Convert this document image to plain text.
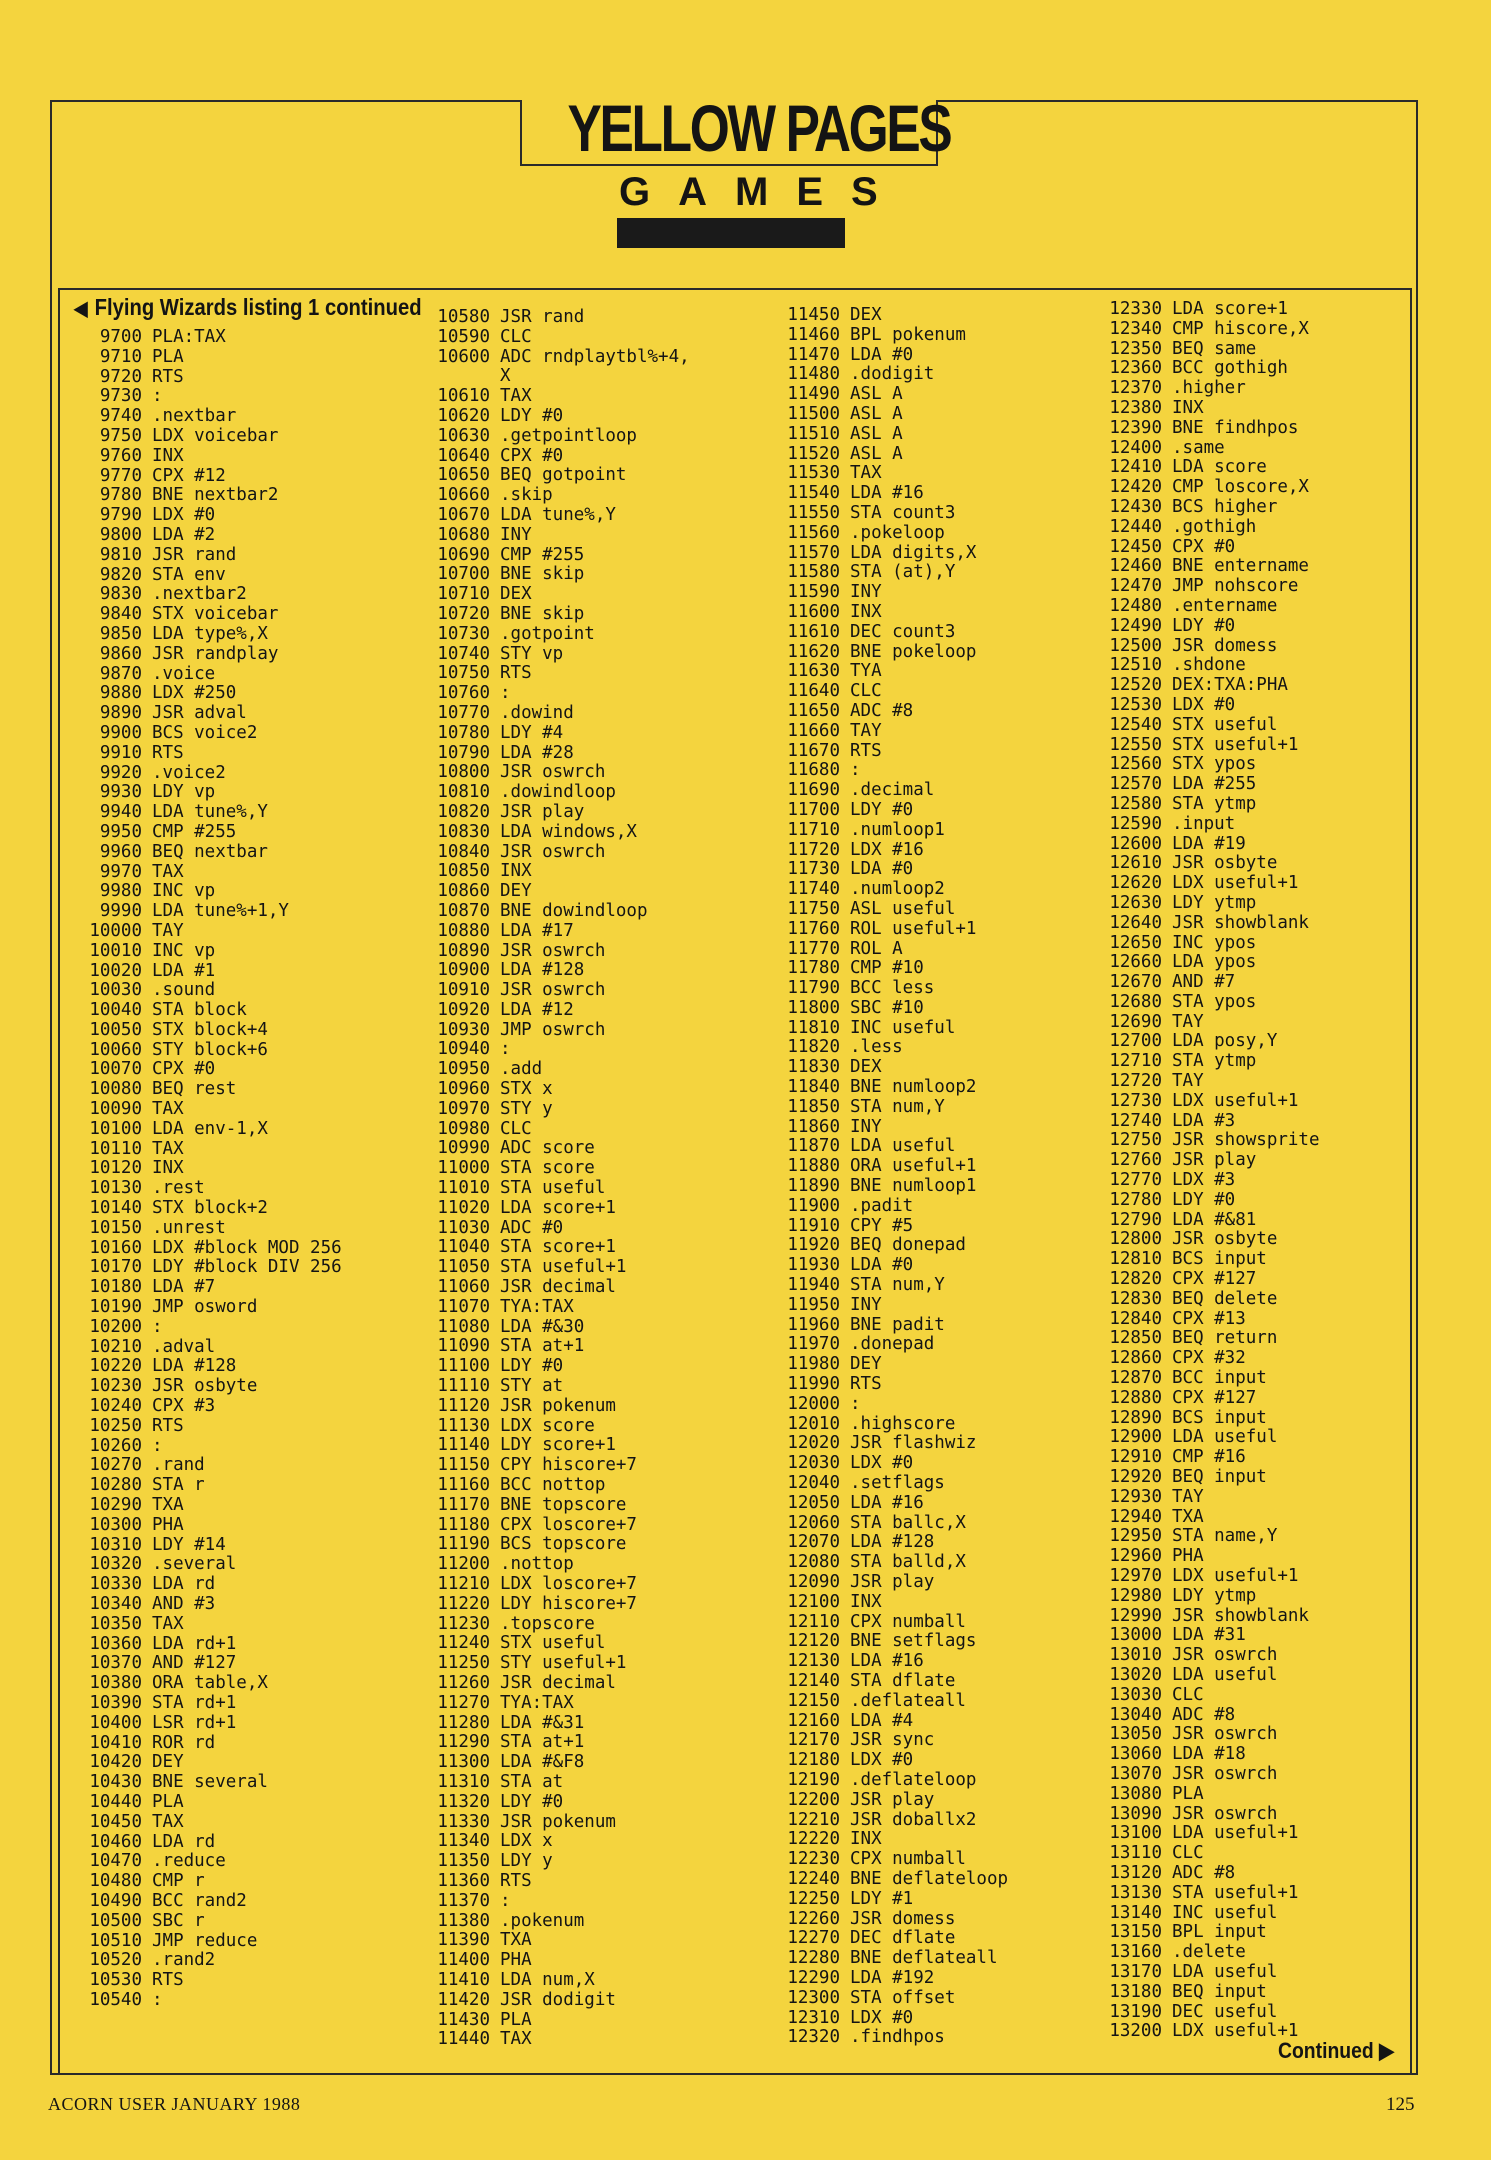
YELLOW PAGES
GAMES
◀ Flying Wizards listing 1 continued
9700 PLA:TAX
9710 PLA
9720 RTS
9730 :
9740 .nextbar
9750 LDX voicebar
9760 INX
9770 CPX #12
9780 BNE nextbar2
9790 LDX #0
9800 LDA #2
9810 JSR rand
9820 STA env
9830 .nextbar2
9840 STX voicebar
9850 LDA type%,X
9860 JSR randplay
9870 .voice
9880 LDX #250
9890 JSR adval
9900 BCS voice2
9910 RTS
9920 .voice2
9930 LDY vp
9940 LDA tune%,Y
9950 CMP #255
9960 BEQ nextbar
9970 TAX
9980 INC vp
9990 LDA tune%+1,Y
10000 TAY
10010 INC vp
10020 LDA #1
10030 .sound
10040 STA block
10050 STX block+4
10060 STY block+6
10070 CPX #0
10080 BEQ rest
10090 TAX
10100 LDA env-1,X
10110 TAX
10120 INX
10130 .rest
10140 STX block+2
10150 .unrest
10160 LDX #block MOD 256
10170 LDY #block DIV 256
10180 LDA #7
10190 JMP osword
10200 :
10210 .adval
10220 LDA #128
10230 JSR osbyte
10240 CPX #3
10250 RTS
10260 :
10270 .rand
10280 STA r
10290 TXA
10300 PHA
10310 LDY #14
10320 .several
10330 LDA rd
10340 AND #3
10350 TAX
10360 LDA rd+1
10370 AND #127
10380 ORA table,X
10390 STA rd+1
10400 LSR rd+1
10410 ROR rd
10420 DEY
10430 BNE several
10440 PLA
10450 TAX
10460 LDA rd
10470 .reduce
10480 CMP r
10490 BCC rand2
10500 SBC r
10510 JMP reduce
10520 .rand2
10530 RTS
10540 :
10580 JSR rand
10590 CLC
10600 ADC rndplaytbl%+4,
X
10610 TAX
10620 LDY #0
10630 .getpointloop
10640 CPX #0
10650 BEQ gotpoint
10660 .skip
10670 LDA tune%,Y
10680 INY
10690 CMP #255
10700 BNE skip
10710 DEX
10720 BNE skip
10730 .gotpoint
10740 STY vp
10750 RTS
10760 :
10770 .dowind
10780 LDY #4
10790 LDA #28
10800 JSR oswrch
10810 .dowindloop
10820 JSR play
10830 LDA windows,X
10840 JSR oswrch
10850 INX
10860 DEY
10870 BNE dowindloop
10880 LDA #17
10890 JSR oswrch
10900 LDA #128
10910 JSR oswrch
10920 LDA #12
10930 JMP oswrch
10940 :
10950 .add
10960 STX x
10970 STY y
10980 CLC
10990 ADC score
11000 STA score
11010 STA useful
11020 LDA score+1
11030 ADC #0
11040 STA score+1
11050 STA useful+1
11060 JSR decimal
11070 TYA:TAX
11080 LDA #&30
11090 STA at+1
11100 LDY #0
11110 STY at
11120 JSR pokenum
11130 LDX score
11140 LDY score+1
11150 CPY hiscore+7
11160 BCC nottop
11170 BNE topscore
11180 CPX loscore+7
11190 BCS topscore
11200 .nottop
11210 LDX loscore+7
11220 LDY hiscore+7
11230 .topscore
11240 STX useful
11250 STY useful+1
11260 JSR decimal
11270 TYA:TAX
11280 LDA #&31
11290 STA at+1
11300 LDA #&F8
11310 STA at
11320 LDY #0
11330 JSR pokenum
11340 LDX x
11350 LDY y
11360 RTS
11370 :
11380 .pokenum
11390 TXA
11400 PHA
11410 LDA num,X
11420 JSR dodigit
11430 PLA
11440 TAX
11450 DEX
11460 BPL pokenum
11470 LDA #0
11480 .dodigit
11490 ASL A
11500 ASL A
11510 ASL A
11520 ASL A
11530 TAX
11540 LDA #16
11550 STA count3
11560 .pokeloop
11570 LDA digits,X
11580 STA (at),Y
11590 INY
11600 INX
11610 DEC count3
11620 BNE pokeloop
11630 TYA
11640 CLC
11650 ADC #8
11660 TAY
11670 RTS
11680 :
11690 .decimal
11700 LDY #0
11710 .numloop1
11720 LDX #16
11730 LDA #0
11740 .numloop2
11750 ASL useful
11760 ROL useful+1
11770 ROL A
11780 CMP #10
11790 BCC less
11800 SBC #10
11810 INC useful
11820 .less
11830 DEX
11840 BNE numloop2
11850 STA num,Y
11860 INY
11870 LDA useful
11880 ORA useful+1
11890 BNE numloop1
11900 .padit
11910 CPY #5
11920 BEQ donepad
11930 LDA #0
11940 STA num,Y
11950 INY
11960 BNE padit
11970 .donepad
11980 DEY
11990 RTS
12000 :
12010 .highscore
12020 JSR flashwiz
12030 LDX #0
12040 .setflags
12050 LDA #16
12060 STA ballc,X
12070 LDA #128
12080 STA balld,X
12090 JSR play
12100 INX
12110 CPX numball
12120 BNE setflags
12130 LDA #16
12140 STA dflate
12150 .deflateall
12160 LDA #4
12170 JSR sync
12180 LDX #0
12190 .deflateloop
12200 JSR play
12210 JSR doballx2
12220 INX
12230 CPX numball
12240 BNE deflateloop
12250 LDY #1
12260 JSR domess
12270 DEC dflate
12280 BNE deflateall
12290 LDA #192
12300 STA offset
12310 LDX #0
12320 .findhpos
12330 LDA score+1
12340 CMP hiscore,X
12350 BEQ same
12360 BCC gothigh
12370 .higher
12380 INX
12390 BNE findhpos
12400 .same
12410 LDA score
12420 CMP loscore,X
12430 BCS higher
12440 .gothigh
12450 CPX #0
12460 BNE entername
12470 JMP nohscore
12480 .entername
12490 LDY #0
12500 JSR domess
12510 .shdone
12520 DEX:TXA:PHA
12530 LDX #0
12540 STX useful
12550 STX useful+1
12560 STX ypos
12570 LDA #255
12580 STA ytmp
12590 .input
12600 LDA #19
12610 JSR osbyte
12620 LDX useful+1
12630 LDY ytmp
12640 JSR showblank
12650 INC ypos
12660 LDA ypos
12670 AND #7
12680 STA ypos
12690 TAY
12700 LDA posy,Y
12710 STA ytmp
12720 TAY
12730 LDX useful+1
12740 LDA #3
12750 JSR showsprite
12760 JSR play
12770 LDX #3
12780 LDY #0
12790 LDA #&81
12800 JSR osbyte
12810 BCS input
12820 CPX #127
12830 BEQ delete
12840 CPX #13
12850 BEQ return
12860 CPX #32
12870 BCC input
12880 CPX #127
12890 BCS input
12900 LDA useful
12910 CMP #16
12920 BEQ input
12930 TAY
12940 TXA
12950 STA name,Y
12960 PHA
12970 LDX useful+1
12980 LDY ytmp
12990 JSR showblank
13000 LDA #31
13010 JSR oswrch
13020 LDA useful
13030 CLC
13040 ADC #8
13050 JSR oswrch
13060 LDA #18
13070 JSR oswrch
13080 PLA
13090 JSR oswrch
13100 LDA useful+1
13110 CLC
13120 ADC #8
13130 STA useful+1
13140 INC useful
13150 BPL input
13160 .delete
13170 LDA useful
13180 BEQ input
13190 DEC useful
13200 LDX useful+1
Continued ▶
ACORN USER JANUARY 1988	125
